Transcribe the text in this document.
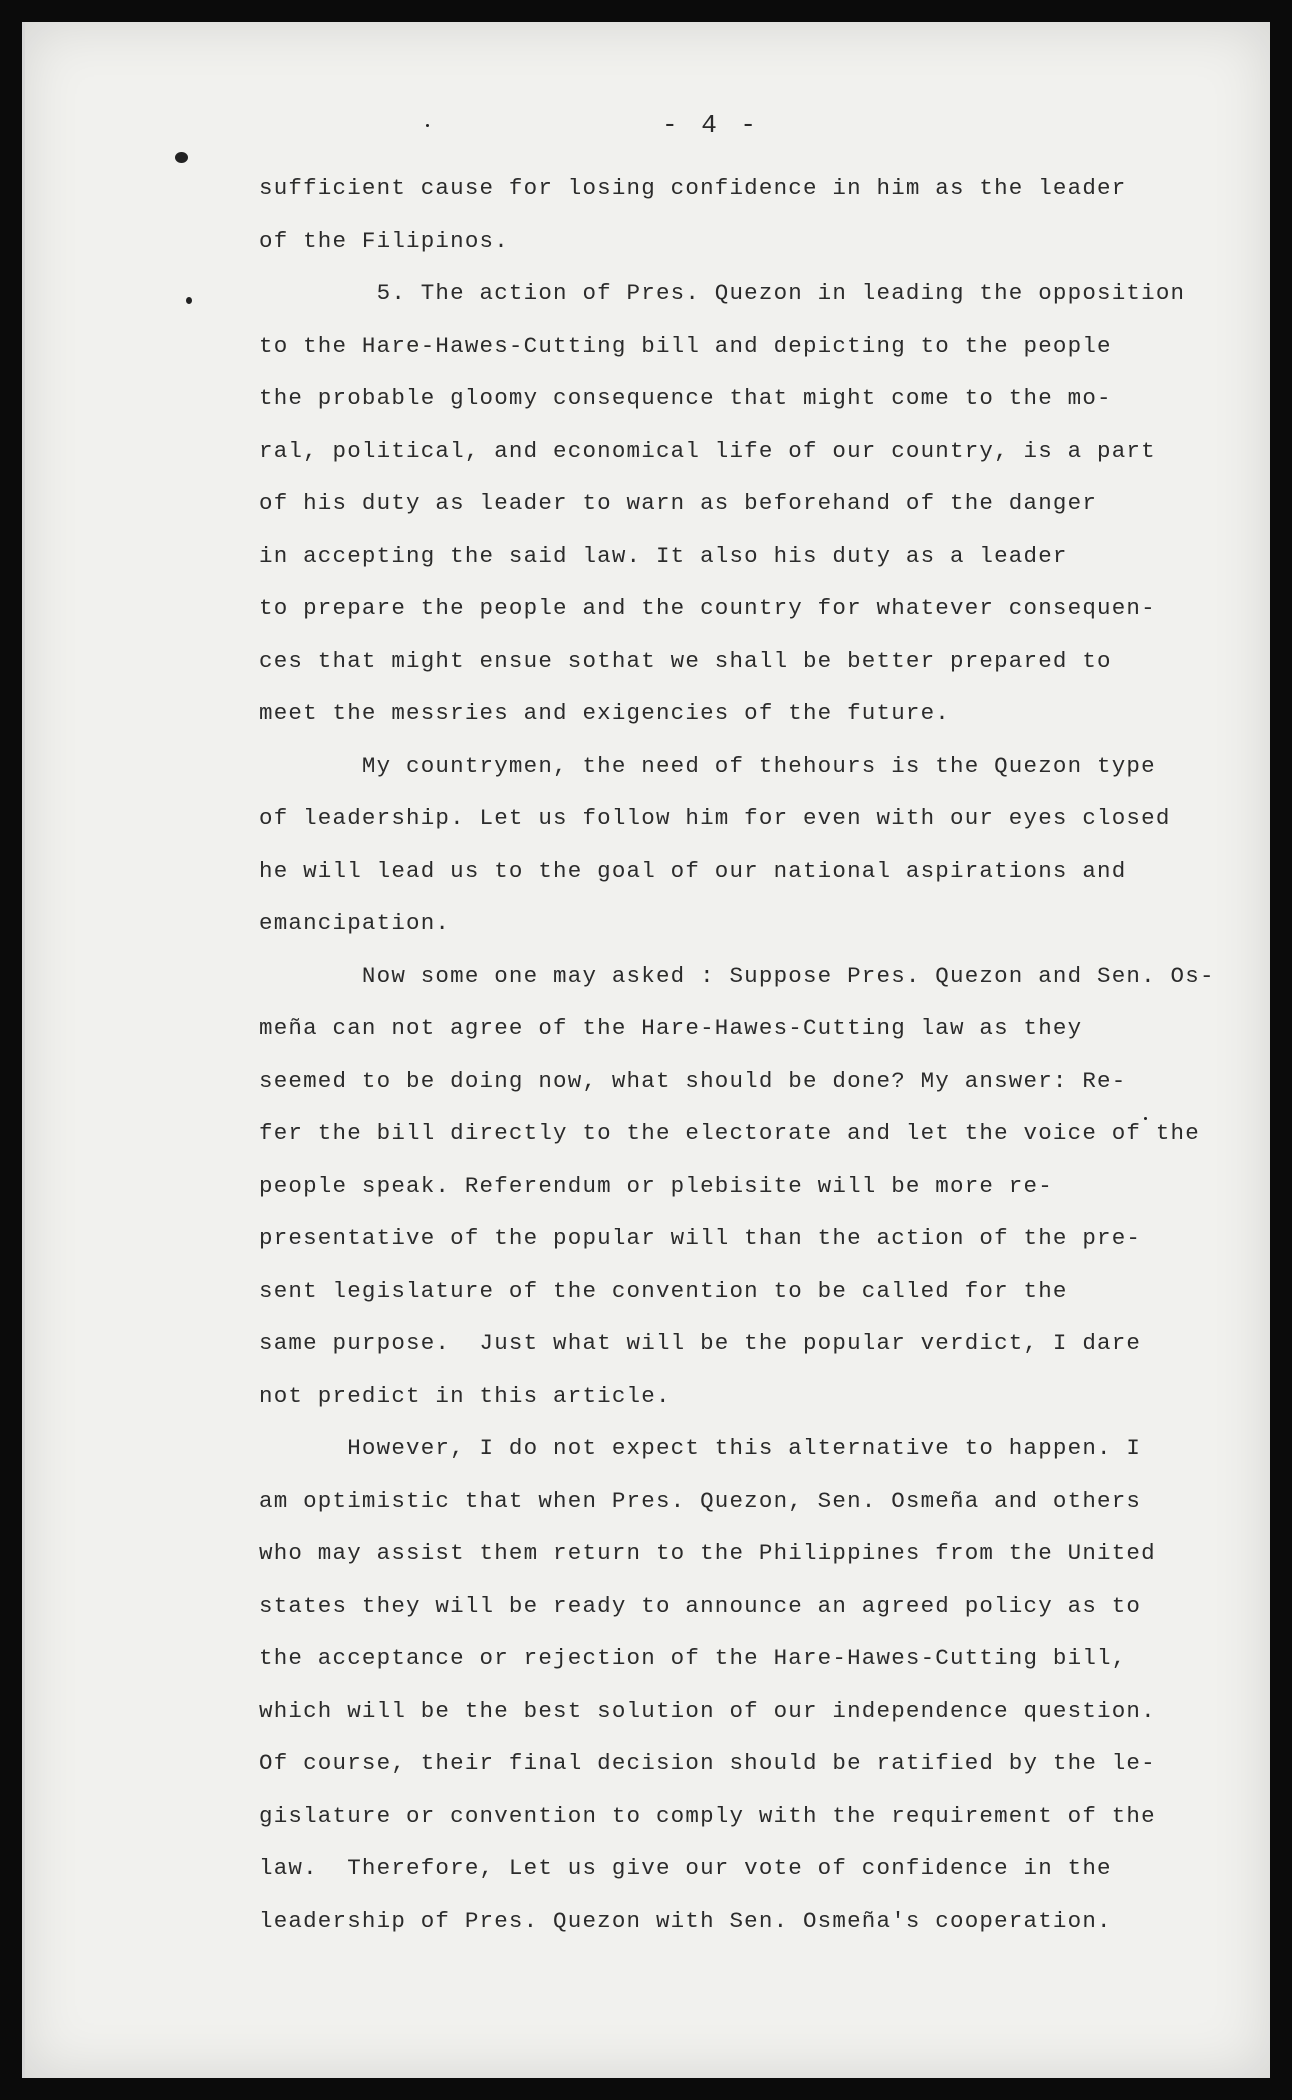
- 4 -
sufficient cause for losing confidence in him as the leader
of the Filipinos.
5. The action of Pres. Quezon in leading the opposition
to the Hare-Hawes-Cutting bill and depicting to the people
the probable gloomy consequence that might come to the mo-
ral, political, and economical life of our country, is a part
of his duty as leader to warn as beforehand of the danger
in accepting the said law. It also his duty as a leader
to prepare the people and the country for whatever consequen-
ces that might ensue sothat we shall be better prepared to
meet the messries and exigencies of the future.
My countrymen, the need of thehours is the Quezon type
of leadership. Let us follow him for even with our eyes closed
he will lead us to the goal of our national aspirations and
emancipation.
Now some one may asked : Suppose Pres. Quezon and Sen. Os-
meña can not agree of the Hare-Hawes-Cutting law as they
seemed to be doing now, what should be done? My answer: Re-
fer the bill directly to the electorate and let the voice of the
people speak. Referendum or plebisite will be more re-
presentative of the popular will than the action of the pre-
sent legislature of the convention to be called for the
same purpose.  Just what will be the popular verdict, I dare
not predict in this article.
However, I do not expect this alternative to happen. I
am optimistic that when Pres. Quezon, Sen. Osmeña and others
who may assist them return to the Philippines from the United
states they will be ready to announce an agreed policy as to
the acceptance or rejection of the Hare-Hawes-Cutting bill,
which will be the best solution of our independence question.
Of course, their final decision should be ratified by the le-
gislature or convention to comply with the requirement of the
law.  Therefore, Let us give our vote of confidence in the
leadership of Pres. Quezon with Sen. Osmeña's cooperation.
